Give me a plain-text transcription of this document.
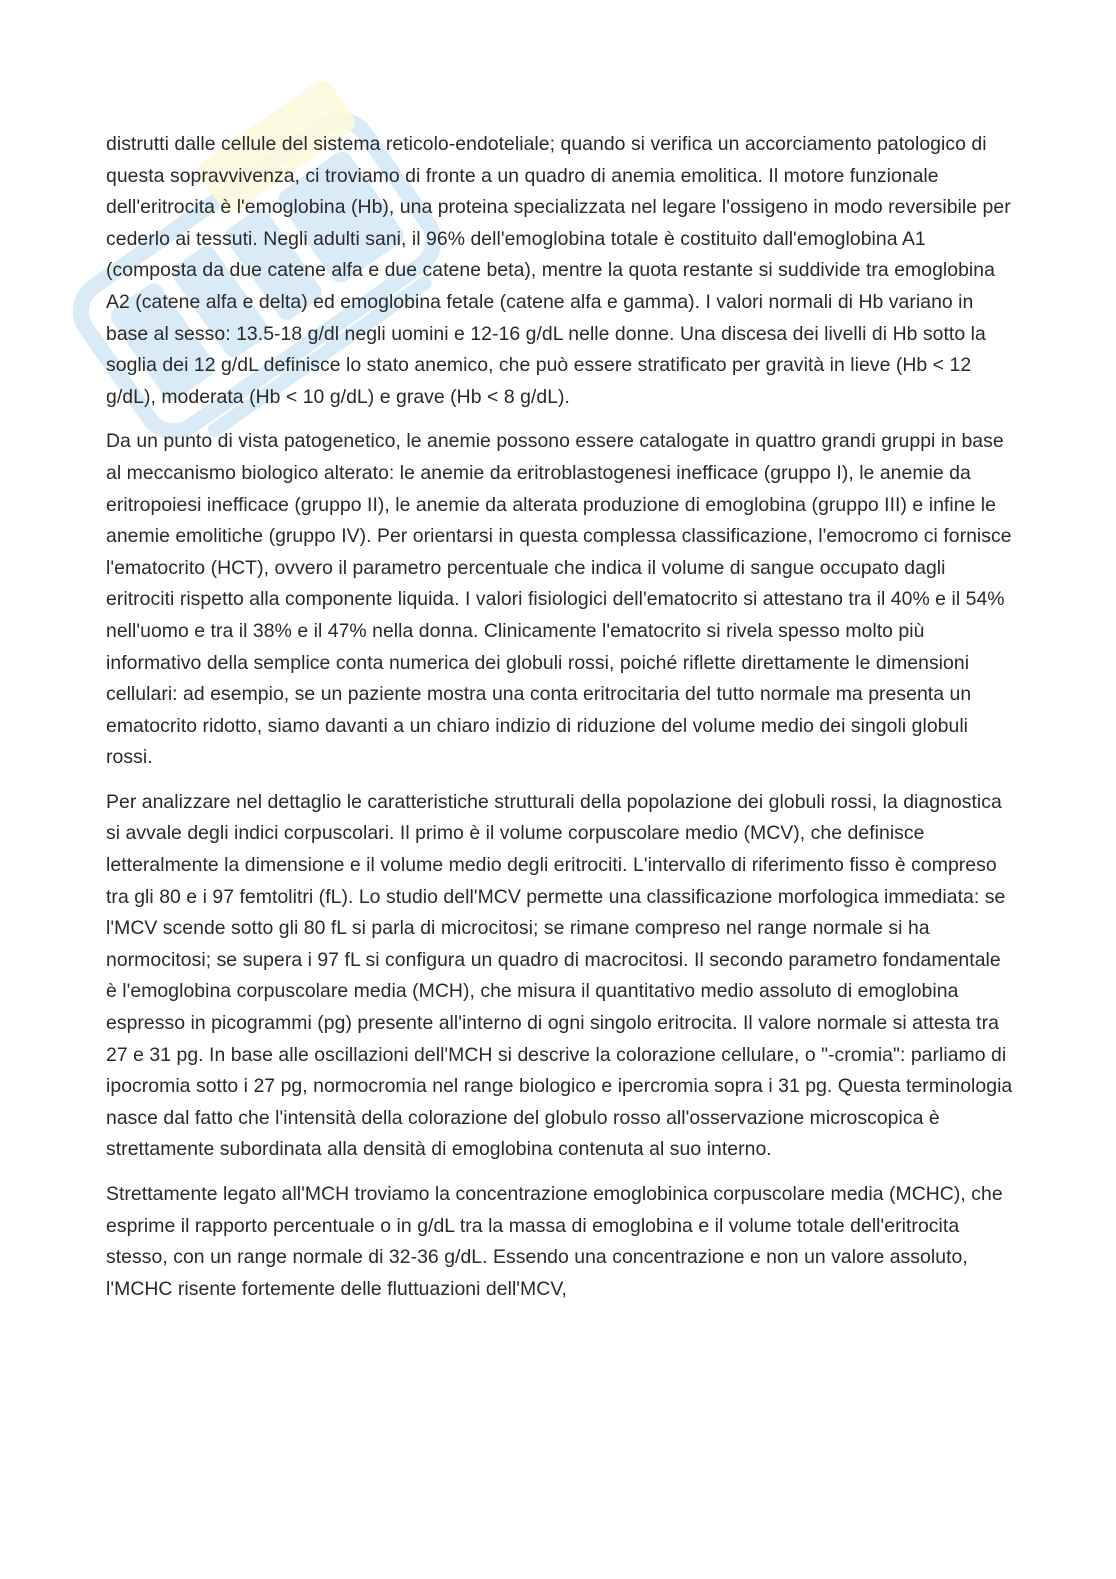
distrutti dalle cellule del sistema reticolo-endoteliale; quando si verifica un accorciamento patologico di questa sopravvivenza, ci troviamo di fronte a un quadro di anemia emolitica. Il motore funzionale dell'eritrocita è l'emoglobina (Hb), una proteina specializzata nel legare l'ossigeno in modo reversibile per cederlo ai tessuti. Negli adulti sani, il 96% dell'emoglobina totale è costituito dall'emoglobina A1 (composta da due catene alfa e due catene beta), mentre la quota restante si suddivide tra emoglobina A2 (catene alfa e delta) ed emoglobina fetale (catene alfa e gamma). I valori normali di Hb variano in base al sesso: 13.5-18 g/dl negli uomini e 12-16 g/dL nelle donne. Una discesa dei livelli di Hb sotto la soglia dei 12 g/dL definisce lo stato anemico, che può essere stratificato per gravità in lieve (Hb < 12 g/dL), moderata (Hb < 10 g/dL) e grave (Hb < 8 g/dL).

Da un punto di vista patogenetico, le anemie possono essere catalogate in quattro grandi gruppi in base al meccanismo biologico alterato: le anemie da eritroblastogenesi inefficace (gruppo I), le anemie da eritropoiesi inefficace (gruppo II), le anemie da alterata produzione di emoglobina (gruppo III) e infine le anemie emolitiche (gruppo IV). Per orientarsi in questa complessa classificazione, l'emocromo ci fornisce l'ematocrito (HCT), ovvero il parametro percentuale che indica il volume di sangue occupato dagli eritrociti rispetto alla componente liquida. I valori fisiologici dell'ematocrito si attestano tra il 40% e il 54% nell'uomo e tra il 38% e il 47% nella donna. Clinicamente l'ematocrito si rivela spesso molto più informativo della semplice conta numerica dei globuli rossi, poiché riflette direttamente le dimensioni cellulari: ad esempio, se un paziente mostra una conta eritrocitaria del tutto normale ma presenta un ematocrito ridotto, siamo davanti a un chiaro indizio di riduzione del volume medio dei singoli globuli rossi.

Per analizzare nel dettaglio le caratteristiche strutturali della popolazione dei globuli rossi, la diagnostica si avvale degli indici corpuscolari. Il primo è il volume corpuscolare medio (MCV), che definisce letteralmente la dimensione e il volume medio degli eritrociti. L'intervallo di riferimento fisso è compreso tra gli 80 e i 97 femtolitri (fL). Lo studio dell'MCV permette una classificazione morfologica immediata: se l'MCV scende sotto gli 80 fL si parla di microcitosi; se rimane compreso nel range normale si ha normocitosi; se supera i 97 fL si configura un quadro di macrocitosi. Il secondo parametro fondamentale è l'emoglobina corpuscolare media (MCH), che misura il quantitativo medio assoluto di emoglobina espresso in picogrammi (pg) presente all'interno di ogni singolo eritrocita. Il valore normale si attesta tra 27 e 31 pg. In base alle oscillazioni dell'MCH si descrive la colorazione cellulare, o "-cromia": parliamo di ipocromia sotto i 27 pg, normocromia nel range biologico e ipercromia sopra i 31 pg. Questa terminologia nasce dal fatto che l'intensità della colorazione del globulo rosso all'osservazione microscopica è strettamente subordinata alla densità di emoglobina contenuta al suo interno.

Strettamente legato all'MCH troviamo la concentrazione emoglobinica corpuscolare media (MCHC), che esprime il rapporto percentuale o in g/dL tra la massa di emoglobina e il volume totale dell'eritrocita stesso, con un range normale di 32-36 g/dL. Essendo una concentrazione e non un valore assoluto, l'MCHC risente fortemente delle fluttuazioni dell'MCV,
